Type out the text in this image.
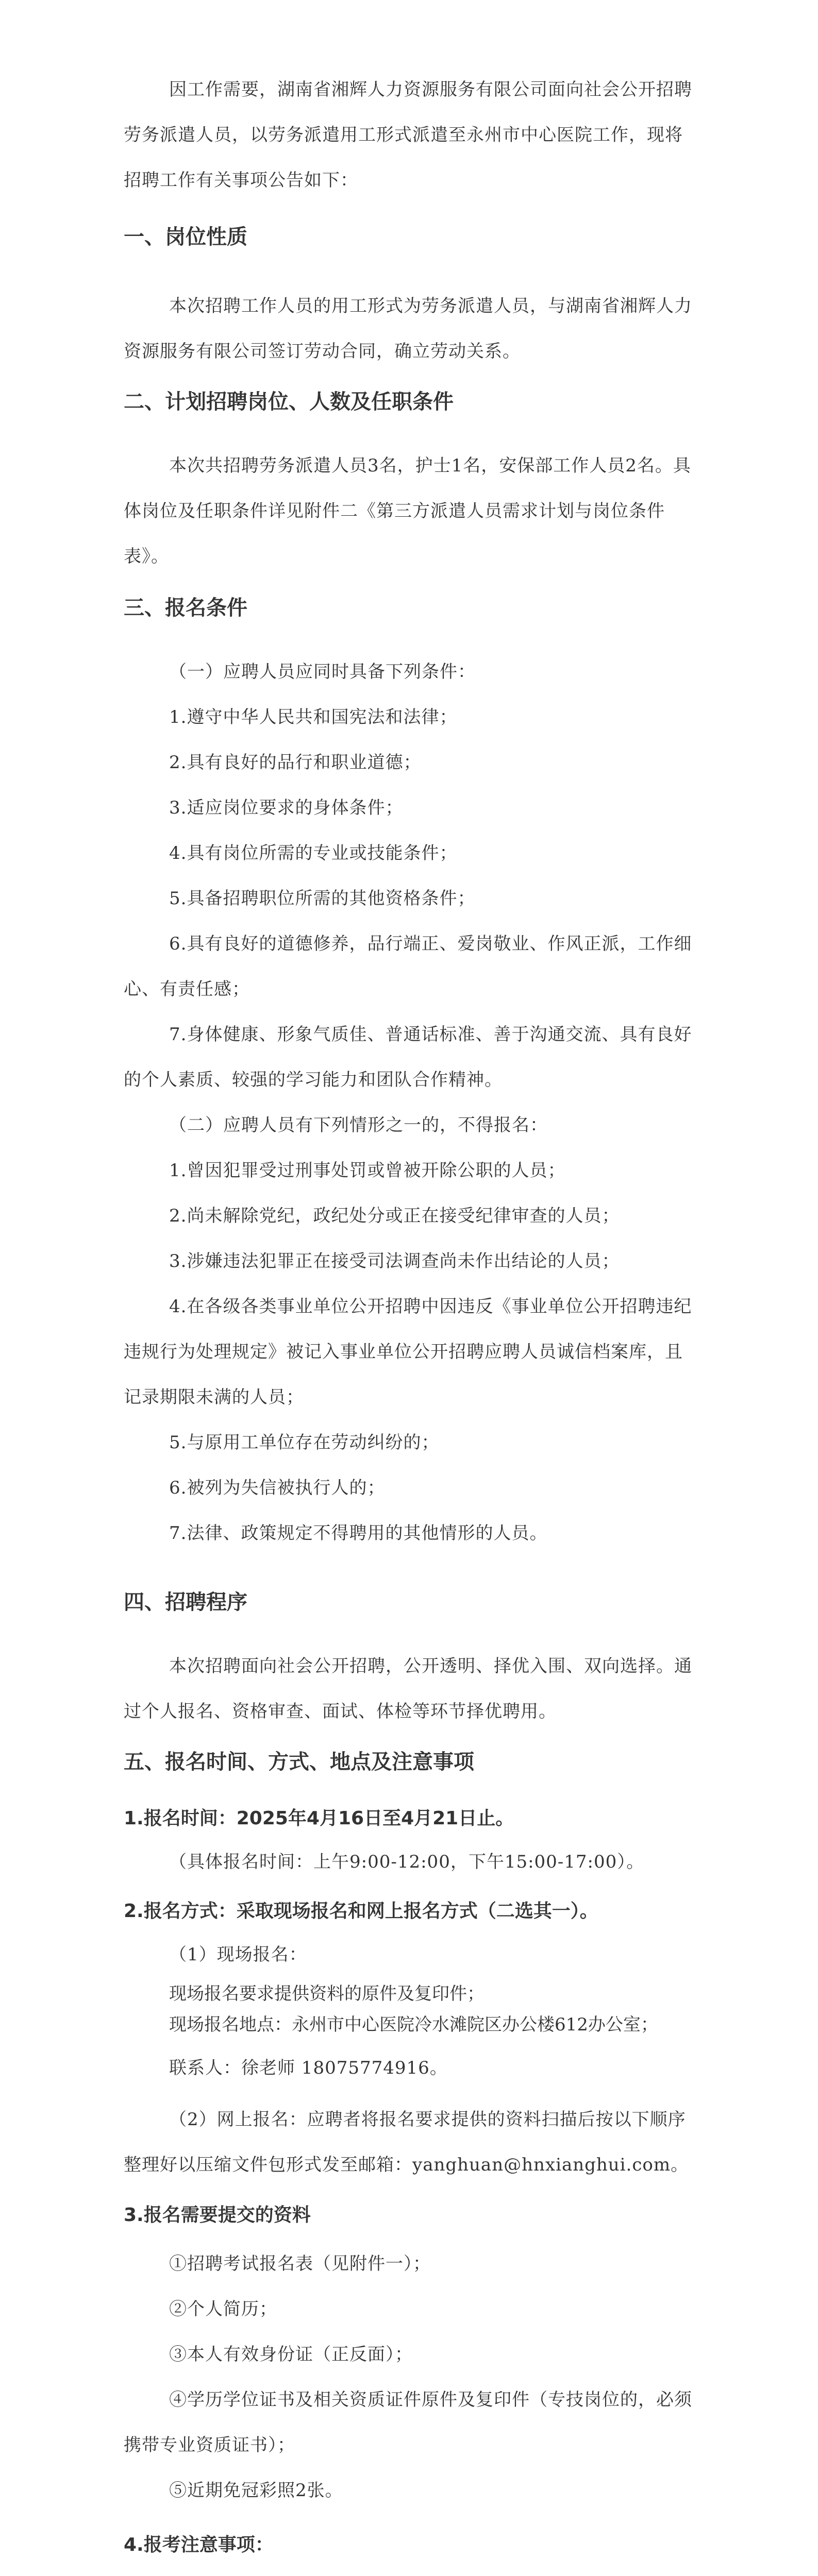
因工作需要，湖南省湘辉人力资源服务有限公司面向社会公开招聘劳务派遣人员，以劳务派遣用工形式派遣至永州市中心医院工作，现将招聘工作有关事项公告如下：

一、岗位性质

本次招聘工作人员的用工形式为劳务派遣人员，与湖南省湘辉人力资源服务有限公司签订劳动合同，确立劳动关系。

二、计划招聘岗位、人数及任职条件

本次共招聘劳务派遣人员3名，护士1名，安保部工作人员2名。具体岗位及任职条件详见附件二《第三方派遣人员需求计划与岗位条件表》。

三、报名条件

（一）应聘人员应同时具备下列条件：

1.遵守中华人民共和国宪法和法律；

2.具有良好的品行和职业道德；

3.适应岗位要求的身体条件；

4.具有岗位所需的专业或技能条件；

5.具备招聘职位所需的其他资格条件；

6.具有良好的道德修养，品行端正、爱岗敬业、作风正派，工作细心、有责任感；

7.身体健康、形象气质佳、普通话标准、善于沟通交流、具有良好的个人素质、较强的学习能力和团队合作精神。

（二）应聘人员有下列情形之一的，不得报名：

1.曾因犯罪受过刑事处罚或曾被开除公职的人员；

2.尚未解除党纪，政纪处分或正在接受纪律审查的人员；

3.涉嫌违法犯罪正在接受司法调查尚未作出结论的人员；

4.在各级各类事业单位公开招聘中因违反《事业单位公开招聘违纪违规行为处理规定》被记入事业单位公开招聘应聘人员诚信档案库，且记录期限未满的人员；

5.与原用工单位存在劳动纠纷的；

6.被列为失信被执行人的；

7.法律、政策规定不得聘用的其他情形的人员。

四、招聘程序

本次招聘面向社会公开招聘，公开透明、择优入围、双向选择。通过个人报名、资格审查、面试、体检等环节择优聘用。

五、报名时间、方式、地点及注意事项

1.报名时间：2025年4月16日至4月21日止。

（具体报名时间：上午9:00-12:00，下午15:00-17:00）。

2.报名方式：采取现场报名和网上报名方式（二选其一）。

（1）现场报名：

现场报名要求提供资料的原件及复印件；

现场报名地点：永州市中心医院冷水滩院区办公楼612办公室；

联系人：徐老师 18075774916。

（2）网上报名：应聘者将报名要求提供的资料扫描后按以下顺序整理好以压缩文件包形式发至邮箱：yanghuan@hnxianghui.com。

3.报名需要提交的资料

①招聘考试报名表（见附件一）；

②个人简历；

③本人有效身份证（正反面）；

④学历学位证书及相关资质证件原件及复印件（专技岗位的，必须携带专业资质证书）；

⑤近期免冠彩照2张。

4.报考注意事项：
